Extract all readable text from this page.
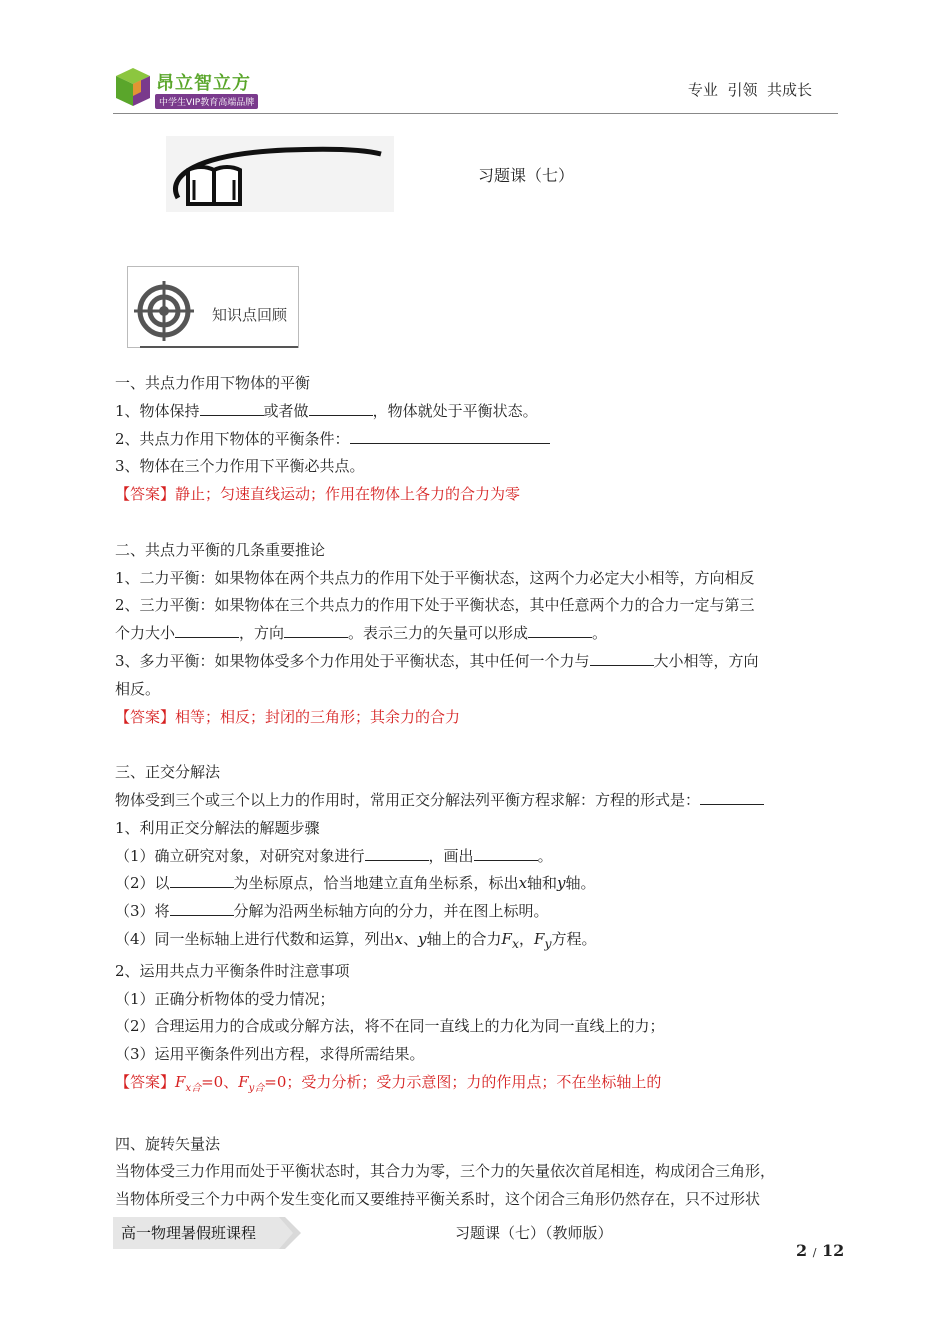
昂立智立方
中学生VIP教育高端品牌
专业  引领  共成长
习题课（七）
知识点回顾
一、共点力作用下物体的平衡
1、物体保持	或者做	，物体就处于平衡状态。
2、共点力作用下物体的平衡条件：
3、物体在三个力作用下平衡必共点。
【答案】静止；匀速直线运动；作用在物体上各力的合力为零
二、共点力平衡的几条重要推论
1、二力平衡：如果物体在两个共点力的作用下处于平衡状态，这两个力必定大小相等，方向相反
2、三力平衡：如果物体在三个共点力的作用下处于平衡状态，其中任意两个力的合力一定与第三
个力大小	，方向	。表示三力的矢量可以形成	。
3、多力平衡：如果物体受多个力作用处于平衡状态，其中任何一个力与	大小相等，方向
相反。
【答案】相等；相反；封闭的三角形；其余力的合力
三、正交分解法
物体受到三个或三个以上力的作用时，常用正交分解法列平衡方程求解：方程的形式是：
1、利用正交分解法的解题步骤
（1）确立研究对象，对研究对象进行	，画出	。
（2）以	为坐标原点，恰当地建立直角坐标系，标出x轴和y轴。
（3）将	分解为沿两坐标轴方向的分力，并在图上标明。
（4）同一坐标轴上进行代数和运算，列出x、y轴上的合力$F_x$，$F_y$方程。
2、运用共点力平衡条件时注意事项
（1）正确分析物体的受力情况；
（2）合理运用力的合成或分解方法，将不在同一直线上的力化为同一直线上的力；
（3）运用平衡条件列出方程，求得所需结果。
【答案】$F_{x合}=0$、$F_{y合}=0$；受力分析；受力示意图；力的作用点；不在坐标轴上的
四、旋转矢量法
当物体受三力作用而处于平衡状态时，其合力为零，三个力的矢量依次首尾相连，构成闭合三角形，
当物体所受三个力中两个发生变化而又要维持平衡关系时，这个闭合三角形仍然存在，只不过形状
高一物理暑假班课程	习题课（七）（教师版）
2 / 12
